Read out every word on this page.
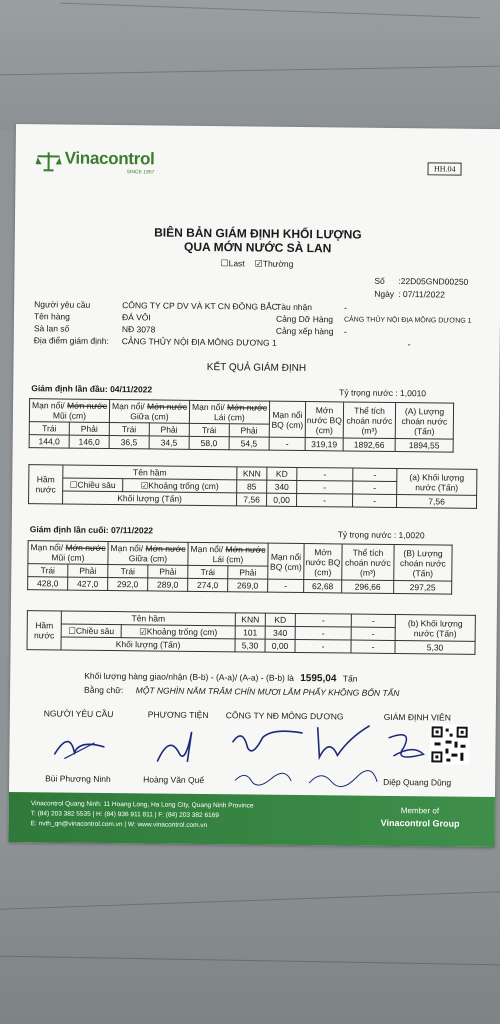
Vinacontrol
SINCE 1957	HH.04
BIÊN BẢN GIÁM ĐỊNH KHỐI LƯỢNG
QUA MỚN NƯỚC SÀ LAN
☐Last ☑Thường
Số :22D05GND00250
Ngày : 07/11/2022
Người yêu cầu	CÔNG TY CP DV VÀ KT CN ĐÔNG BẮC
Tàu nhận	-
Tên hàng	ĐÁ VÔI	Cảng Dỡ Hàng CẢNG THỦY NỘI ĐỊA MÔNG DƯƠNG 1
Sà lan số	NĐ 3078	Cảng xếp hàng -
Địa điểm giám định: CẢNG THỦY NỘI ĐỊA MÔNG DƯƠNG 1	-
KẾT QUẢ GIÁM ĐỊNH
Giám định lần đầu: 04/11/2022	Tỷ trọng nước : 1,0010
Mạn nổi/ Mớn nước
Mũi (cm)		Mạn nổi/ Mớn nước
Giữa (cm)		Mạn nổi/ Mớn nước
Lái (cm)		Mạn nổi BQ (cm)	Mớn nước BQ (cm)	Thể tích choán nước (m³)	(A) Lượng choán nước (Tấn)
Trái	Phải	Trái	Phải	Trái	Phải				
144,0	146,0	36,5	34,5	58,0	54,5	-	319,19	1892,66	1894,55
Hầm nước	Tên hầm		KNN	KD	-	-	(a) Khối lượng nước (Tấn)
	☐Chiều sâu	☑Khoảng trống (cm)	85	340	-	-	
	Khối lượng (Tấn)		7,56	0,00	-	-	7,56
Giám định lần cuối: 07/11/2022	Tỷ trọng nước : 1,0020
Mạn nổi/ Mớn nước
Mũi (cm)		Mạn nổi/ Mớn nước
Giữa (cm)		Mạn nổi/ Mớn nước
Lái (cm)		Mạn nổi BQ (cm)	Mớn nước BQ (cm)	Thể tích choán nước (m³)	(B) Lượng choán nước (Tấn)
Trái	Phải	Trái	Phải	Trái	Phải				
428,0	427,0	292,0	289,0	274,0	269,0	-	62,68	296,66	297,25
Hầm nước	Tên hầm		KNN	KD	-	-	(b) Khối lượng nước (Tấn)
	☐Chiều sâu	☑Khoảng trống (cm)	101	340	-	-	
	Khối lượng (Tấn)		5,30	0,00	-	-	5,30
Khối lượng hàng giao/nhận (B-b) - (A-a)/ (A-a) - (B-b) là 1595,04 Tấn
Bằng chữ: MỘT NGHÌN NĂM TRĂM CHÍN MƯƠI LĂM PHẨY KHÔNG BỐN TẤN
NGƯỜI YÊU CẦU	PHƯƠNG TIỆN CÔNG TY NĐ MÔNG DƯƠNG	GIÁM ĐỊNH VIÊN
Bùi Phương Ninh	Hoàng Văn Quế	Diệp Quang Dũng
Vinacontrol Quang Ninh: 11 Hoang Long, Ha Long City, Quang Ninh Province
T: (84) 203 382 5535 | H: (84) 936 911 811 | F: (84) 203 382 6169
E: nvth_qn@vinacontrol.com.vn | W: www.vinacontrol.com.vn
Member of
Vinacontrol Group
